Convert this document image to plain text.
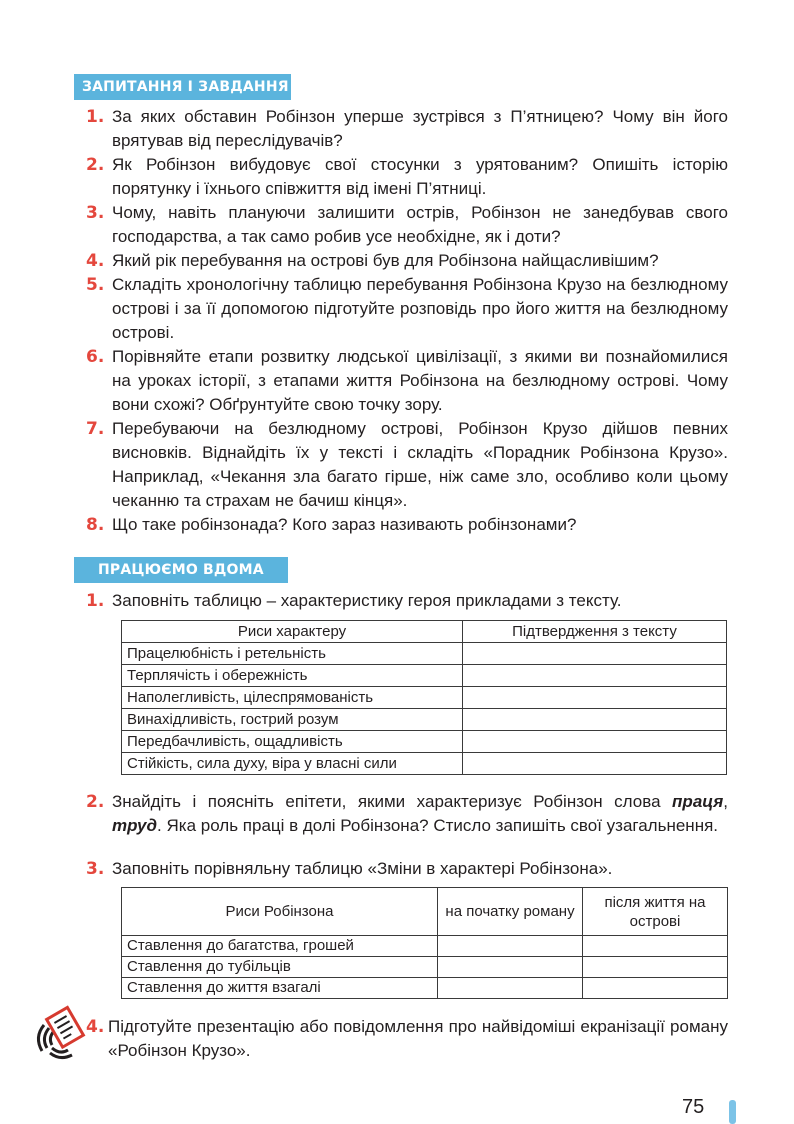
ЗАПИТАННЯ І ЗАВДАННЯ
1. За яких обставин Робінзон уперше зустрівся з П’ятницею? Чому він його врятував від переслідувачів?
2. Як Робінзон вибудовує свої стосунки з урятованим? Опишіть історію порятунку і їхнього співжиття від імені П’ятниці.
3. Чому, навіть плануючи залишити острів, Робінзон не занедбував свого господарства, а так само робив усе необхідне, як і доти?
4. Який рік перебування на острові був для Робінзона найщасливішим?
5. Складіть хронологічну таблицю перебування Робінзона Крузо на безлюдному острові і за її допомогою підготуйте розповідь про його життя на безлюдному острові.
6. Порівняйте етапи розвитку людської цивілізації, з якими ви познайомилися на уроках історії, з етапами життя Робінзона на безлюдному острові. Чому вони схожі? Обґрунтуйте свою точку зору.
7. Перебуваючи на безлюдному острові, Робінзон Крузо дійшов певних висновків. Віднайдіть їх у тексті і складіть «Порадник Робінзона Крузо». Наприклад, «Чекання зла багато гірше, ніж саме зло, особливо коли цьому чеканню та страхам не бачиш кінця».
8. Що таке робінзонада? Кого зараз називають робінзонами?
ПРАЦЮЄМО ВДОМА
1. Заповніть таблицю – характеристику героя прикладами з тексту.
Риси характеру	Підтвердження з тексту
Працелюбність і ретельність	
Терплячість і обережність	
Наполегливість, цілеспрямованість	
Винахідливість, гострий розум	
Передбачливість, ощадливість	
Стійкість, сила духу, віра у власні сили	
2. Знайдіть і поясніть епітети, якими характеризує Робінзон слова праця, труд. Яка роль праці в долі Робінзона? Стисло запишіть свої узагальнення.
3. Заповніть порівняльну таблицю «Зміни в характері Робінзона».
Риси Робінзона	на початку роману	після життя на острові
Ставлення до багатства, грошей		
Ставлення до тубільців		
Ставлення до життя взагалі		
4. Підготуйте презентацію або повідомлення про найвідоміші екранізації роману «Робінзон Крузо».
75
